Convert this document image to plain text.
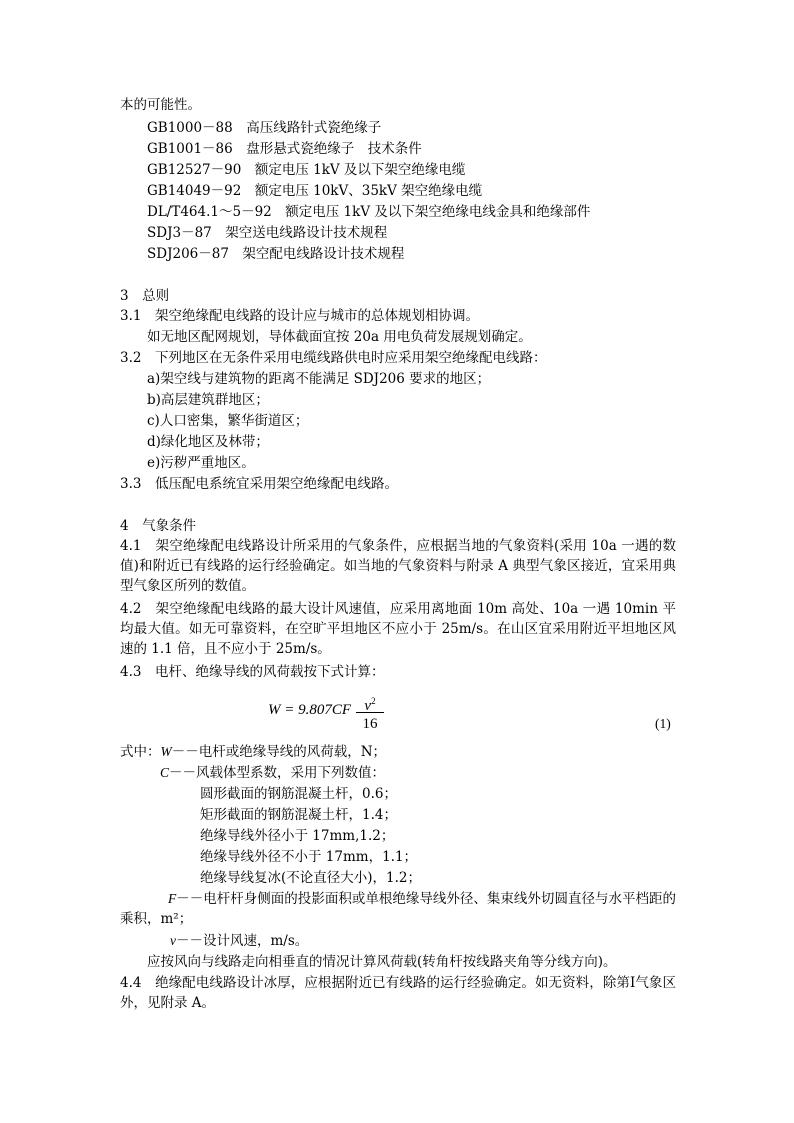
本的可能性。
GB1000－88　高压线路针式瓷绝缘子
GB1001－86　盘形悬式瓷绝缘子　技术条件
GB12527－90　额定电压 1kV 及以下架空绝缘电缆
GB14049－92　额定电压 10kV、35kV 架空绝缘电缆
DL/T464.1～5－92　额定电压 1kV 及以下架空绝缘电线金具和绝缘部件
SDJ3－87　架空送电线路设计技术规程
SDJ206－87　架空配电线路设计技术规程
3　总则
3.1　架空绝缘配电线路的设计应与城市的总体规划相协调。
如无地区配网规划，导体截面宜按 20a 用电负荷发展规划确定。
3.2　下列地区在无条件采用电缆线路供电时应采用架空绝缘配电线路：
a)架空线与建筑物的距离不能满足 SDJ206 要求的地区；
b)高层建筑群地区；
c)人口密集，繁华街道区；
d)绿化地区及林带；
e)污秽严重地区。
3.3　低压配电系统宜采用架空绝缘配电线路。
4　气象条件
4.1　架空绝缘配电线路设计所采用的气象条件，应根据当地的气象资料(采用 10a 一遇的数值)和附近已有线路的运行经验确定。如当地的气象资料与附录 A 典型气象区接近，宜采用典型气象区所列的数值。
4.2　架空绝缘配电线路的最大设计风速值，应采用离地面 10m 高处、10a 一遇 10min 平均最大值。如无可靠资料，在空旷平坦地区不应小于 25m/s。在山区宜采用附近平坦地区风速的 1.1 倍，且不应小于 25m/s。
4.3　电杆、绝缘导线的风荷载按下式计算：
W = 9.807CF $v^2$
16	(1)
式中：W－－电杆或绝缘导线的风荷载，N；
C－－风载体型系数，采用下列数值：
圆形截面的钢筋混凝土杆，0.6；
矩形截面的钢筋混凝土杆，1.4；
绝缘导线外径小于 17mm,1.2；
绝缘导线外径不小于 17mm，1.1；
绝缘导线复冰(不论直径大小)，1.2；
F－－电杆杆身侧面的投影面积或单根绝缘导线外径、集束线外切圆直径与水平档距的乘积，m²；
v－－设计风速，m/s。
应按风向与线路走向相垂直的情况计算风荷载(转角杆按线路夹角等分线方向)。
4.4　绝缘配电线路设计冰厚，应根据附近已有线路的运行经验确定。如无资料，除第Ⅰ气象区外，见附录 A。
